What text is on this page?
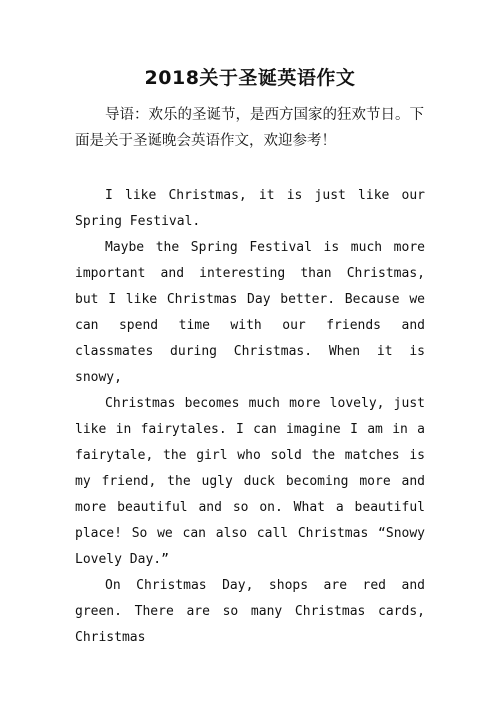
2018关于圣诞英语作文

导语：欢乐的圣诞节，是西方国家的狂欢节日。下面是关于圣诞晚会英语作文，欢迎参考！

I like Christmas, it is just like our Spring Festival.

Maybe the Spring Festival is much more important and interesting than Christmas, but I like Christmas Day better. Because we can spend time with our friends and classmates during Christmas. When it is snowy,

Christmas becomes much more lovely, just like in fairytales. I can imagine I am in a fairytale, the girl who sold the matches is my friend, the ugly duck becoming more and more beautiful and so on. What a beautiful place! So we can also call Christmas “Snowy Lovely Day.”

On Christmas Day, shops are red and green. There are so many Christmas cards, Christmas
